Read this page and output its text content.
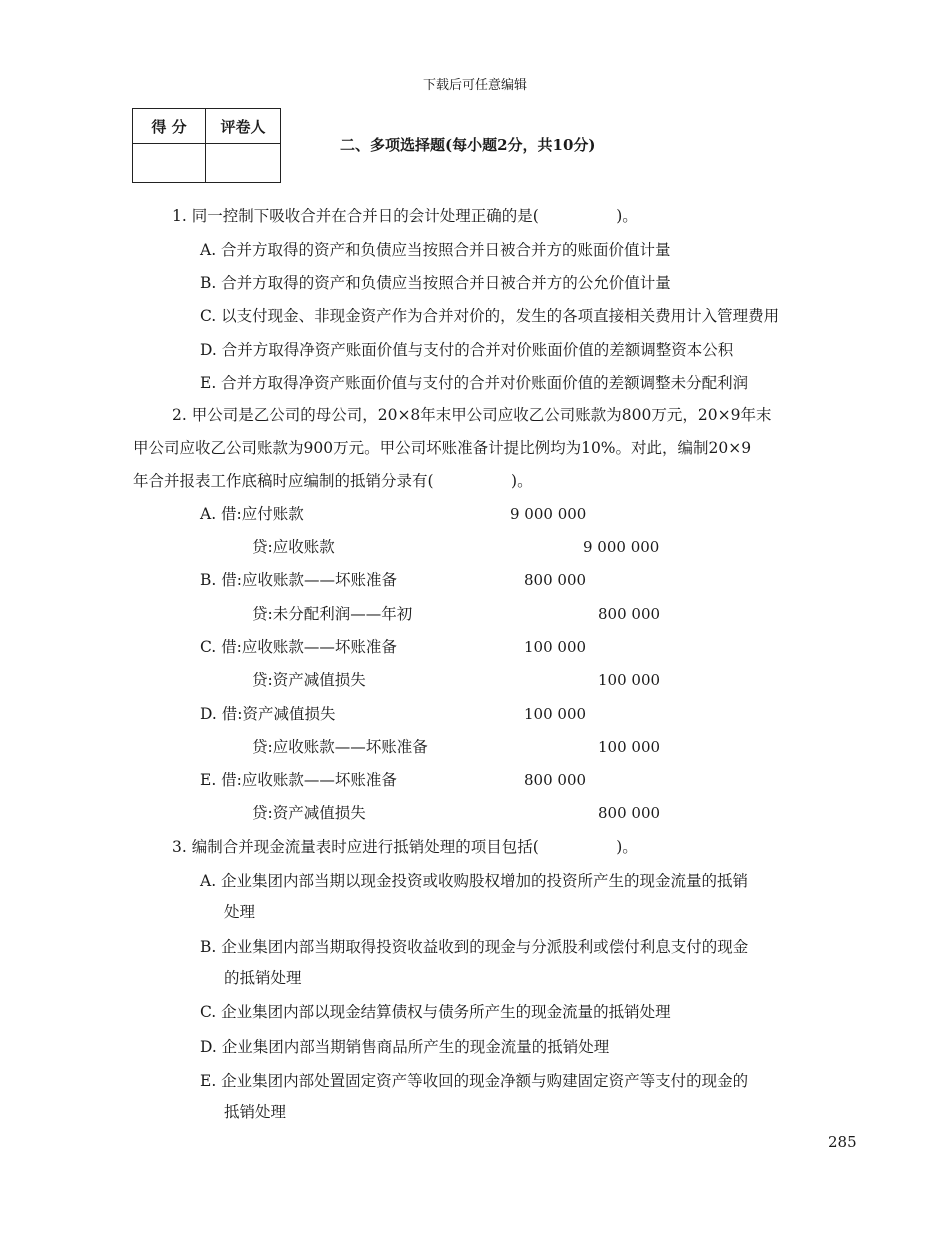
下载后可任意编辑
得 分	评卷人

二、多项选择题(每小题2分，共10分)
1. 同一控制下吸收合并在合并日的会计处理正确的是(　　　　　)。
A. 合并方取得的资产和负债应当按照合并日被合并方的账面价值计量
B. 合并方取得的资产和负债应当按照合并日被合并方的公允价值计量
C. 以支付现金、非现金资产作为合并对价的，发生的各项直接相关费用计入管理费用
D. 合并方取得净资产账面价值与支付的合并对价账面价值的差额调整资本公积
E. 合并方取得净资产账面价值与支付的合并对价账面价值的差额调整未分配利润
2. 甲公司是乙公司的母公司，20×8年末甲公司应收乙公司账款为800万元，20×9年末
甲公司应收乙公司账款为900万元。甲公司坏账准备计提比例均为10%。对此，编制20×9
年合并报表工作底稿时应编制的抵销分录有(　　　　　)。
A. 借:应付账款	9 000 000
贷:应收账款	9 000 000
B. 借:应收账款——坏账准备	800 000
贷:未分配利润——年初	800 000
C. 借:应收账款——坏账准备	100 000
贷:资产减值损失	100 000
D. 借:资产减值损失	100 000
贷:应收账款——坏账准备	100 000
E. 借:应收账款——坏账准备	800 000
贷:资产减值损失	800 000
3. 编制合并现金流量表时应进行抵销处理的项目包括(　　　　　)。
A. 企业集团内部当期以现金投资或收购股权增加的投资所产生的现金流量的抵销
处理
B. 企业集团内部当期取得投资收益收到的现金与分派股利或偿付利息支付的现金
的抵销处理
C. 企业集团内部以现金结算债权与债务所产生的现金流量的抵销处理
D. 企业集团内部当期销售商品所产生的现金流量的抵销处理
E. 企业集团内部处置固定资产等收回的现金净额与购建固定资产等支付的现金的
抵销处理
285
